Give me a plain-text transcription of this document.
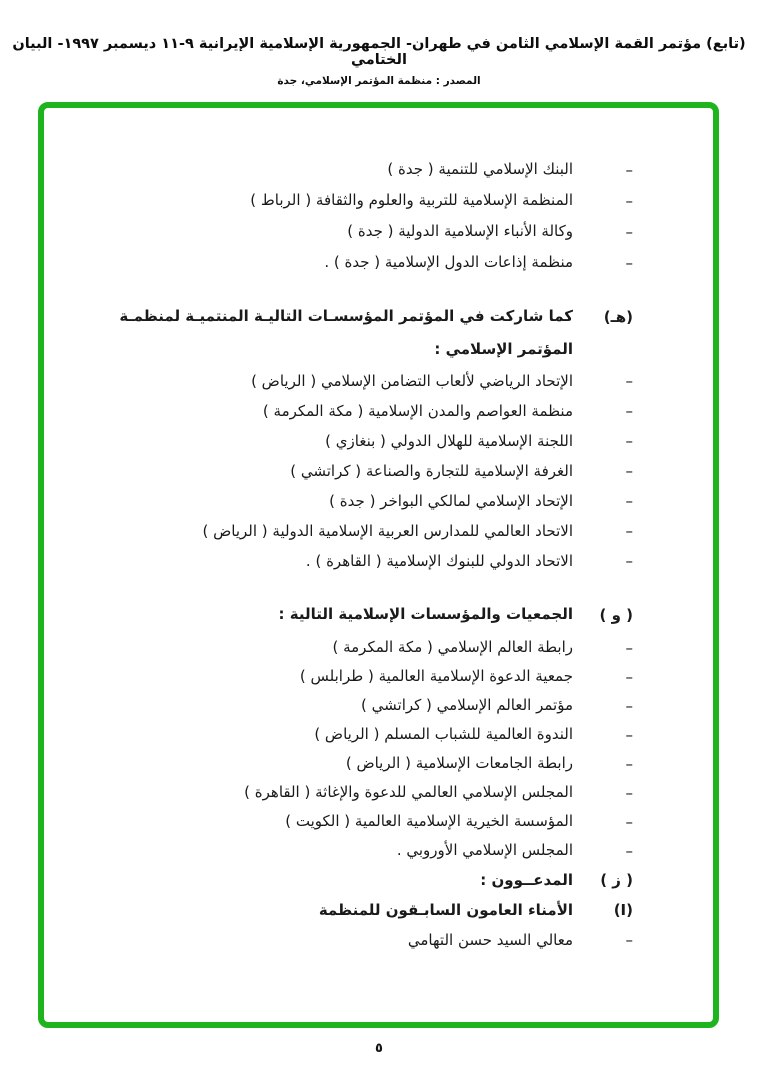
(تابع) مؤتمر القمة الإسلامي الثامن في طهران- الجمهورية الإسلامية الإيرانية ٩-١١ ديسمبر ١٩٩٧- البيان الختامي
المصدر : منظمة المؤتمر الإسلامي، جدة
–
البنك الإسلامي للتنمية ( جدة )
–
المنظمة الإسلامية للتربية والعلوم والثقافة ( الرباط )
–
وكالة الأنباء الإسلامية الدولية ( جدة )
–
منظمة إذاعات الدول الإسلامية ( جدة ) .
(هـ)
كما شاركت في المؤتمر المؤسسـات التاليـة المنتميـة لمنظمـة
المؤتمر الإسلامي :
–
الإتحاد الرياضي لألعاب التضامن الإسلامي ( الرياض )
–
منظمة العواصم والمدن الإسلامية ( مكة المكرمة )
–
اللجنة الإسلامية للهلال الدولي ( بنغازي )
–
الغرفة الإسلامية للتجارة والصناعة ( كراتشي )
–
الإتحاد الإسلامي لمالكي البواخر ( جدة )
–
الاتحاد العالمي للمدارس العربية الإسلامية الدولية ( الرياض )
–
الاتحاد الدولي للبنوك الإسلامية ( القاهرة ) .
( و )
الجمعيات والمؤسسات الإسلامية التالية :
–
رابطة العالم الإسلامي ( مكة المكرمة )
–
جمعية الدعوة الإسلامية العالمية ( طرابلس )
–
مؤتمر العالم الإسلامي ( كراتشي )
–
الندوة العالمية للشباب المسلم ( الرياض )
–
رابطة الجامعات الإسلامية ( الرياض )
–
المجلس الإسلامي العالمي للدعوة والإغاثة ( القاهرة )
–
المؤسسة الخيرية الإسلامية العالمية ( الكويت )
–
المجلس الإسلامي الأوروبي .
( ز )
المدعــوون :
(I)
الأمناء العامون السابـقون للمنظمة
–
معالي السيد حسن التهامي
٥
